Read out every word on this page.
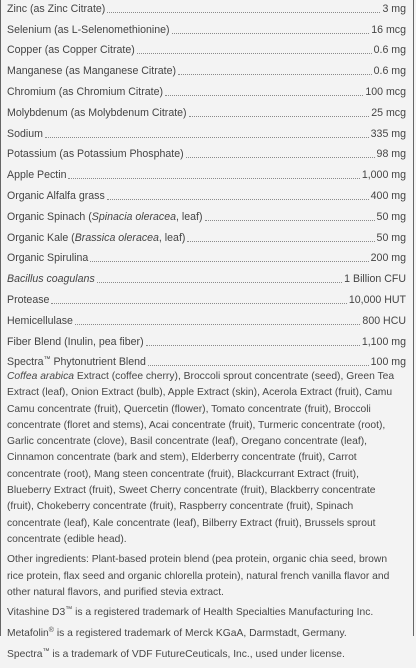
Zinc (as Zinc Citrate)	3 mg
Selenium (as L-Selenomethionine)	16 mcg
Copper (as Copper Citrate)	0.6 mg
Manganese (as Manganese Citrate)	0.6 mg
Chromium (as Chromium Citrate)	100 mcg
Molybdenum (as Molybdenum Citrate)	25 mcg
Sodium	335 mg
Potassium (as Potassium Phosphate)	98 mg
Apple Pectin	1,000 mg
Organic Alfalfa grass	400 mg
Organic Spinach (Spinacia oleracea, leaf)	50 mg
Organic Kale (Brassica oleracea, leaf)	50 mg
Organic Spirulina	200 mg
Bacillus coagulans	1 Billion CFU
Protease	10,000 HUT
Hemicellulase	800 HCU
Fiber Blend (Inulin, pea fiber)	1,100 mg
Spectra™ Phytonutrient Blend	100 mg

Coffea arabica Extract (coffee cherry), Broccoli sprout concentrate (seed), Green Tea Extract (leaf), Onion Extract (bulb), Apple Extract (skin), Acerola Extract (fruit), Camu Camu concentrate (fruit), Quercetin (flower), Tomato concentrate (fruit), Broccoli concentrate (floret and stems), Acai concentrate (fruit), Turmeric concentrate (root), Garlic concentrate (clove), Basil concentrate (leaf), Oregano concentrate (leaf), Cinnamon concentrate (bark and stem), Elderberry concentrate (fruit), Carrot concentrate (root), Mang steen concentrate (fruit), Blackcurrant Extract (fruit), Blueberry Extract (fruit), Sweet Cherry concentrate (fruit), Blackberry concentrate (fruit), Chokeberry concentrate (fruit), Raspberry concentrate (fruit), Spinach concentrate (leaf), Kale concentrate (leaf), Bilberry Extract (fruit), Brussels sprout concentrate (edible head).

Other ingredients: Plant-based protein blend (pea protein, organic chia seed, brown rice protein, flax seed and organic chlorella protein), natural french vanilla flavor and other natural flavors, and purified stevia extract.

Vitashine D3™ is a registered trademark of Health Specialties Manufacturing Inc.

Metafolin® is a registered trademark of Merck KGaA, Darmstadt, Germany.

Spectra™ is a trademark of VDF FutureCeuticals, Inc., used under license.
